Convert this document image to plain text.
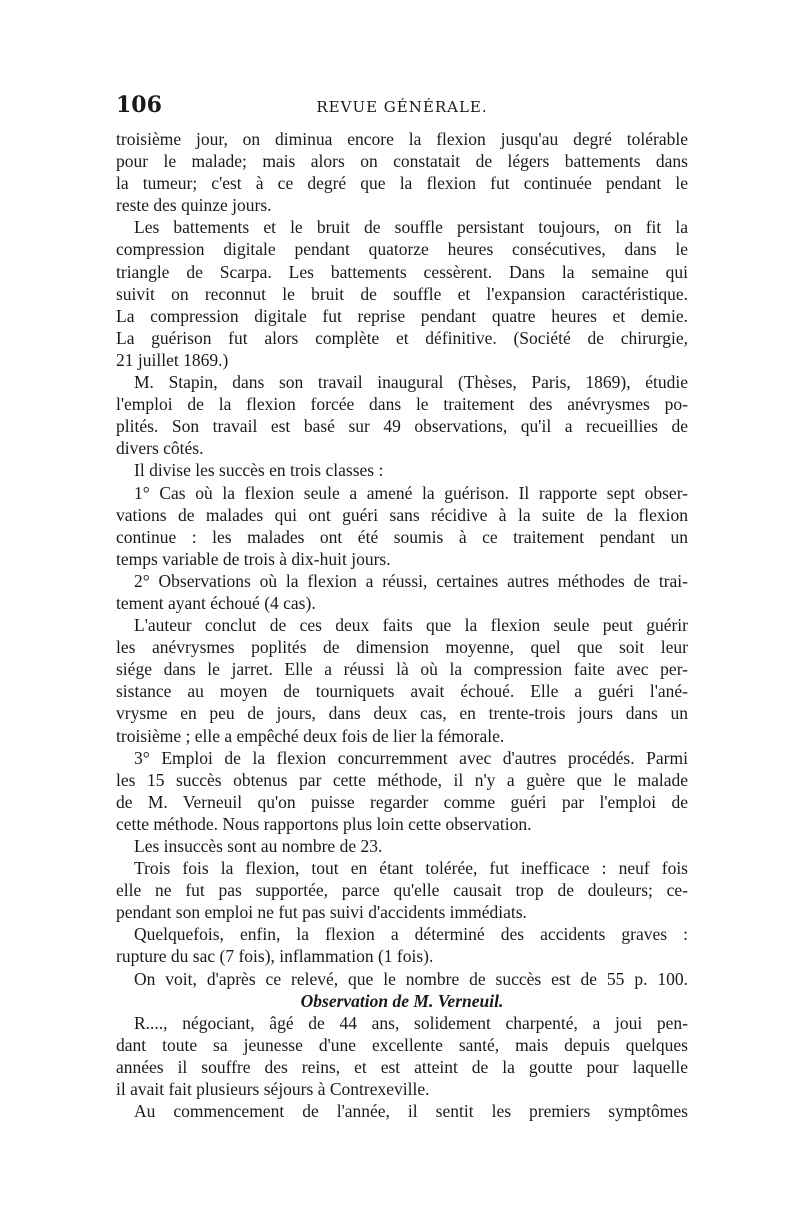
106	REVUE GÉNÉRALE.
troisième jour, on diminua encore la flexion jusqu'au degré tolérable
pour le malade; mais alors on constatait de légers battements dans
la tumeur; c'est à ce degré que la flexion fut continuée pendant le
reste des quinze jours.
Les battements et le bruit de souffle persistant toujours, on fit la
compression digitale pendant quatorze heures consécutives, dans le
triangle de Scarpa. Les battements cessèrent. Dans la semaine qui
suivit on reconnut le bruit de souffle et l'expansion caractéristique.
La compression digitale fut reprise pendant quatre heures et demie.
La guérison fut alors complète et définitive. (Société de chirurgie,
21 juillet 1869.)
M. Stapin, dans son travail inaugural (Thèses, Paris, 1869), étudie
l'emploi de la flexion forcée dans le traitement des anévrysmes po-
plités. Son travail est basé sur 49 observations, qu'il a recueillies de
divers côtés.
Il divise les succès en trois classes :
1° Cas où la flexion seule a amené la guérison. Il rapporte sept obser-
vations de malades qui ont guéri sans récidive à la suite de la flexion
continue : les malades ont été soumis à ce traitement pendant un
temps variable de trois à dix-huit jours.
2° Observations où la flexion a réussi, certaines autres méthodes de trai-
tement ayant échoué (4 cas).
L'auteur conclut de ces deux faits que la flexion seule peut guérir
les anévrysmes poplités de dimension moyenne, quel que soit leur
siége dans le jarret. Elle a réussi là où la compression faite avec per-
sistance au moyen de tourniquets avait échoué. Elle a guéri l'ané-
vrysme en peu de jours, dans deux cas, en trente-trois jours dans un
troisième ; elle a empêché deux fois de lier la fémorale.
3° Emploi de la flexion concurremment avec d'autres procédés. Parmi
les 15 succès obtenus par cette méthode, il n'y a guère que le malade
de M. Verneuil qu'on puisse regarder comme guéri par l'emploi de
cette méthode. Nous rapportons plus loin cette observation.
Les insuccès sont au nombre de 23.
Trois fois la flexion, tout en étant tolérée, fut inefficace : neuf fois
elle ne fut pas supportée, parce qu'elle causait trop de douleurs; ce-
pendant son emploi ne fut pas suivi d'accidents immédiats.
Quelquefois, enfin, la flexion a déterminé des accidents graves :
rupture du sac (7 fois), inflammation (1 fois).
On voit, d'après ce relevé, que le nombre de succès est de 55 p. 100.
Observation de M. Verneuil.
R...., négociant, âgé de 44 ans, solidement charpenté, a joui pen-
dant toute sa jeunesse d'une excellente santé, mais depuis quelques
années il souffre des reins, et est atteint de la goutte pour laquelle
il avait fait plusieurs séjours à Contrexeville.
Au commencement de l'année, il sentit les premiers symptômes
